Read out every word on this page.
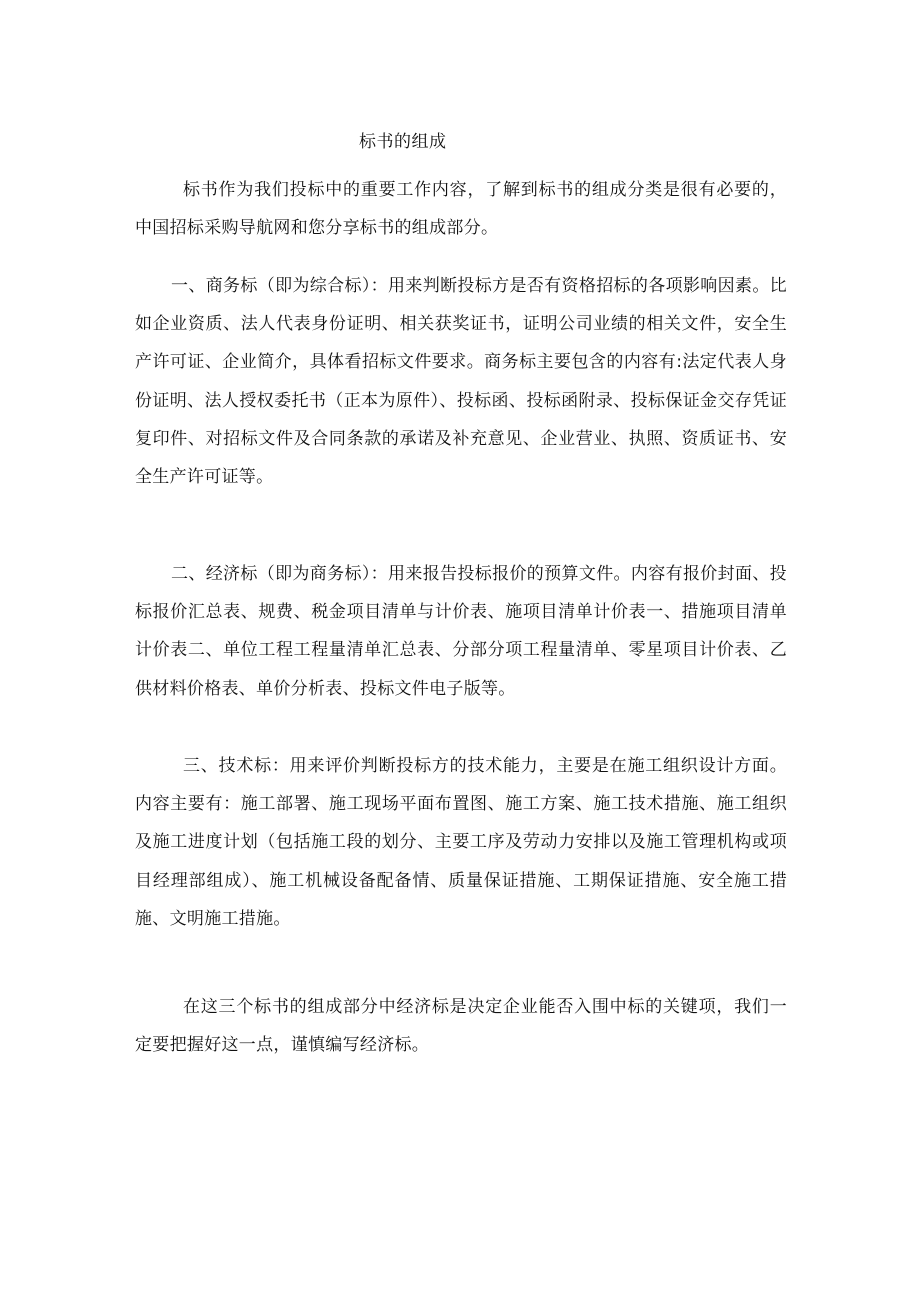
标书的组成

标书作为我们投标中的重要工作内容，了解到标书的组成分类是很有必要的，中国招标采购导航网和您分享标书的组成部分。

一、商务标（即为综合标）：用来判断投标方是否有资格招标的各项影响因素。比如企业资质、法人代表身份证明、相关获奖证书，证明公司业绩的相关文件，安全生产许可证、企业简介，具体看招标文件要求。商务标主要包含的内容有:法定代表人身份证明、法人授权委托书（正本为原件）、投标函、投标函附录、投标保证金交存凭证复印件、对招标文件及合同条款的承诺及补充意见、企业营业、执照、资质证书、安全生产许可证等。

二、经济标（即为商务标）：用来报告投标报价的预算文件。内容有报价封面、投标报价汇总表、规费、税金项目清单与计价表、施项目清单计价表一、措施项目清单计价表二、单位工程工程量清单汇总表、分部分项工程量清单、零星项目计价表、乙供材料价格表、单价分析表、投标文件电子版等。

三、技术标：用来评价判断投标方的技术能力，主要是在施工组织设计方面。内容主要有：施工部署、施工现场平面布置图、施工方案、施工技术措施、施工组织及施工进度计划（包括施工段的划分、主要工序及劳动力安排以及施工管理机构或项目经理部组成）、施工机械设备配备情、质量保证措施、工期保证措施、安全施工措施、文明施工措施。

在这三个标书的组成部分中经济标是决定企业能否入围中标的关键项，我们一定要把握好这一点，谨慎编写经济标。
